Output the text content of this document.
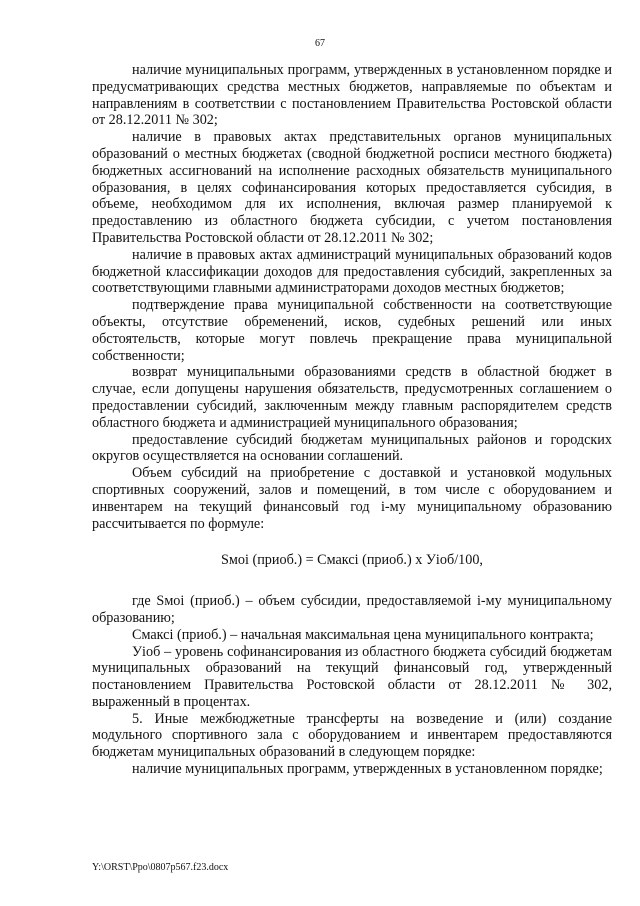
67

наличие муниципальных программ, утвержденных в установленном порядке и предусматривающих средства местных бюджетов, направляемые по объектам и направлениям в соответствии с постановлением Правительства Ростовской области от 28.12.2011 № 302;

наличие в правовых актах представительных органов муниципальных образований о местных бюджетах (сводной бюджетной росписи местного бюджета) бюджетных ассигнований на исполнение расходных обязательств муниципального образования, в целях софинансирования которых предоставляется субсидия, в объеме, необходимом для их исполнения, включая размер планируемой к предоставлению из областного бюджета субсидии, с учетом постановления Правительства Ростовской области от 28.12.2011 № 302;

наличие в правовых актах администраций муниципальных образований кодов бюджетной классификации доходов для предоставления субсидий, закрепленных за соответствующими главными администраторами доходов местных бюджетов;

подтверждение права муниципальной собственности на соответствующие объекты, отсутствие обременений, исков, судебных решений или иных обстоятельств, которые могут повлечь прекращение права муниципальной собственности;

возврат муниципальными образованиями средств в областной бюджет в случае, если допущены нарушения обязательств, предусмотренных соглашением о предоставлении субсидий, заключенным между главным распорядителем средств областного бюджета и администрацией муниципального образования;

предоставление субсидий бюджетам муниципальных районов и городских округов осуществляется на основании соглашений.

Объем субсидий на приобретение с доставкой и установкой модульных спортивных сооружений, залов и помещений, в том числе с оборудованием и инвентарем на текущий финансовый год i-му муниципальному образованию рассчитывается по формуле:

Sмoi (приоб.) = Смаксi (приоб.) х Уiоб/100,

где Sмoi (приоб.) – объем субсидии, предоставляемой i-му муниципальному образованию;

Смаксi (приоб.) – начальная максимальная цена муниципального контракта;

Уiоб – уровень софинансирования из областного бюджета субсидий бюджетам муниципальных образований на текущий финансовый год, утвержденный постановлением Правительства Ростовской области от 28.12.2011 № 302, выраженный в процентах.

5. Иные межбюджетные трансферты на возведение и (или) создание модульного спортивного зала с оборудованием и инвентарем предоставляются бюджетам муниципальных образований в следующем порядке:

наличие муниципальных программ, утвержденных в установленном порядке;

Y:\ORST\Ppo\0807p567.f23.docx
